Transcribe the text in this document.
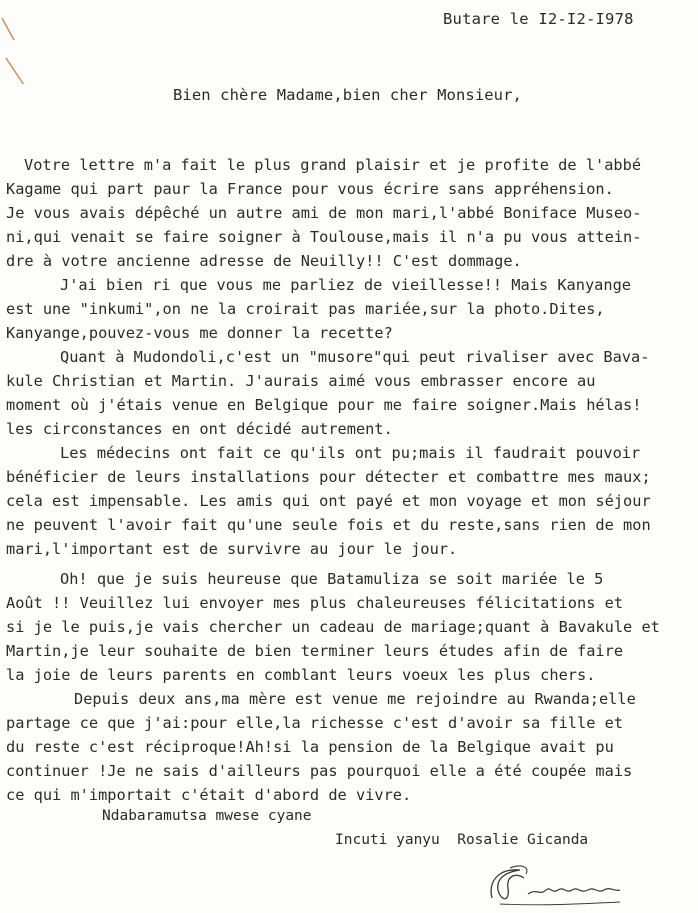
Butare le I2-I2-I978
Bien chère Madame,bien cher Monsieur,
Votre lettre m'a fait le plus grand plaisir et je profite de l'abbé
Kagame qui part paur la France pour vous écrire sans appréhension.
Je vous avais dépêché un autre ami de mon mari,l'abbé Boniface Museo-
ni,qui venait se faire soigner à Toulouse,mais il n'a pu vous attein-
dre à votre ancienne adresse de Neuilly!! C'est dommage.
J'ai bien ri que vous me parliez de vieillesse!! Mais Kanyange
est une "inkumi",on ne la croirait pas mariée,sur la photo.Dites,
Kanyange,pouvez-vous me donner la recette?
Quant à Mudondoli,c'est un "musore"qui peut rivaliser avec Bava-
kule Christian et Martin. J'aurais aimé vous embrasser encore au
moment où j'étais venue en Belgique pour me faire soigner.Mais hélas!
les circonstances en ont décidé autrement.
Les médecins ont fait ce qu'ils ont pu;mais il faudrait pouvoir
bénéficier de leurs installations pour détecter et combattre mes maux;
cela est impensable. Les amis qui ont payé et mon voyage et mon séjour
ne peuvent l'avoir fait qu'une seule fois et du reste,sans rien de mon
mari,l'important est de survivre au jour le jour.
Oh! que je suis heureuse que Batamuliza se soit mariée le 5
Août !! Veuillez lui envoyer mes plus chaleureuses félicitations et
si je le puis,je vais chercher un cadeau de mariage;quant à Bavakule et
Martin,je leur souhaite de bien terminer leurs études afin de faire
la joie de leurs parents en comblant leurs voeux les plus chers.
Depuis deux ans,ma mère est venue me rejoindre au Rwanda;elle
partage ce que j'ai:pour elle,la richesse c'est d'avoir sa fille et
du reste c'est réciproque!Ah!si la pension de la Belgique avait pu
continuer !Je ne sais d'ailleurs pas pourquoi elle a été coupée mais
ce qui m'importait c'était d'abord de vivre.
Ndabaramutsa mwese cyane
Incuti yanyu  Rosalie Gicanda
